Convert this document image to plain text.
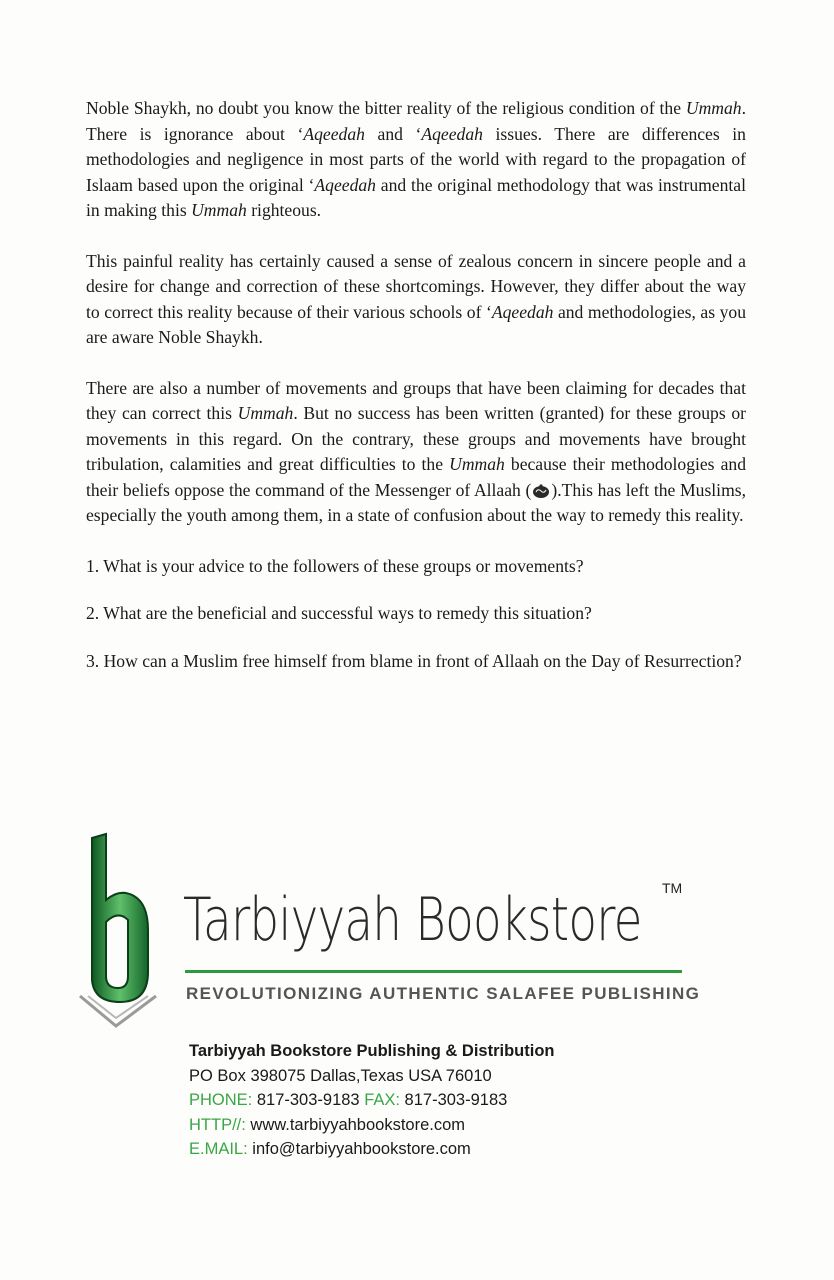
Noble Shaykh, no doubt you know the bitter reality of the religious condition of the Ummah. There is ignorance about ‘Aqeedah and ‘Aqeedah issues. There are differences in methodologies and negligence in most parts of the world with regard to the propagation of Islaam based upon the original ‘Aqeedah and the original methodology that was instrumental in making this Ummah righteous.

This painful reality has certainly caused a sense of zealous concern in sincere people and a desire for change and correction of these shortcomings. However, they differ about the way to correct this reality because of their various schools of ‘Aqeedah and methodologies, as you are aware Noble Shaykh.

There are also a number of movements and groups that have been claiming for decades that they can correct this Ummah. But no success has been written (granted) for these groups or movements in this regard. On the contrary, these groups and movements have brought tribulation, calamities and great difficulties to the Ummah because their methodologies and their beliefs oppose the command of the Messenger of Allaah ( ).This has left the Muslims, especially the youth among them, in a state of confusion about the way to remedy this reality.

1. What is your advice to the followers of these groups or movements?

2. What are the beneficial and successful ways to remedy this situation?

3. How can a Muslim free himself from blame in front of Allaah on the Day of Resurrection?

Tarbiyyah Bookstore TM
REVOLUTIONIZING AUTHENTIC SALAFEE PUBLISHING
Tarbiyyah Bookstore Publishing & Distribution
PO Box 398075 Dallas,Texas USA 76010
PHONE: 817-303-9183 FAX: 817-303-9183
HTTP//: www.tarbiyyahbookstore.com
E.MAIL: info@tarbiyyahbookstore.com
